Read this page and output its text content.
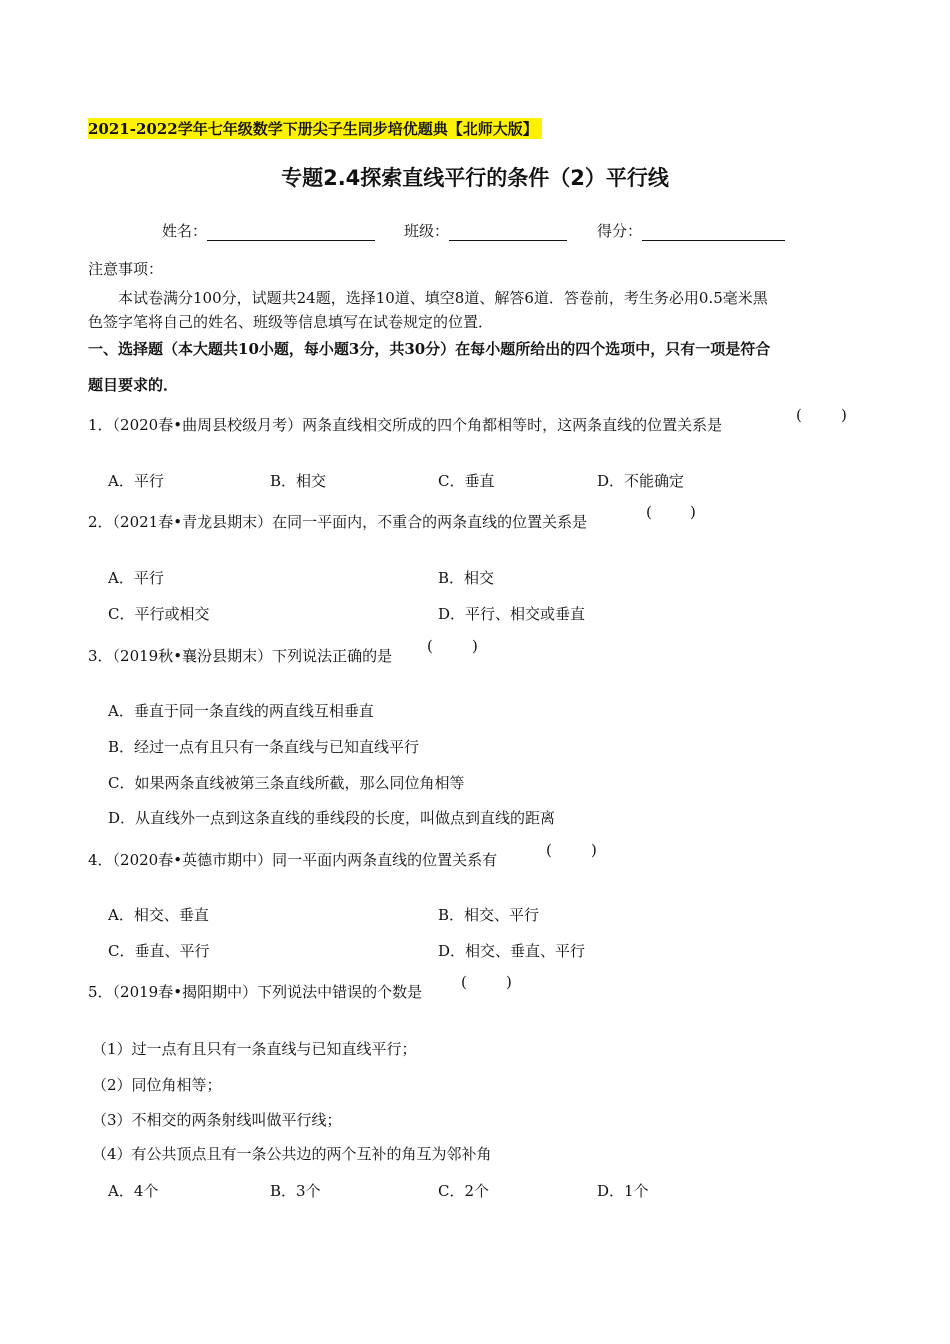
2021-2022学年七年级数学下册尖子生同步培优题典【北师大版】
专题2.4探索直线平行的条件（2）平行线
姓名：	班级：	得分：
注意事项：
本试卷满分100分，试题共24题，选择10道、填空8道、解答6道．答卷前，考生务必用0.5毫米黑
色签字笔将自己的姓名、班级等信息填写在试卷规定的位置．
一、选择题（本大题共10小题，每小题3分，共30分）在每小题所给出的四个选项中，只有一项是符合
题目要求的．
1．（2020春•曲周县校级月考）两条直线相交所成的四个角都相等时，这两条直线的位置关系是
(	)
A．平行	B．相交	C．垂直	D．不能确定
2．（2021春•青龙县期末）在同一平面内，不重合的两条直线的位置关系是
(	)
A．平行	B．相交
C．平行或相交	D．平行、相交或垂直
3．（2019秋•襄汾县期末）下列说法正确的是
(	)
A．垂直于同一条直线的两直线互相垂直
B．经过一点有且只有一条直线与已知直线平行
C．如果两条直线被第三条直线所截，那么同位角相等
D．从直线外一点到这条直线的垂线段的长度，叫做点到直线的距离
4．（2020春•英德市期中）同一平面内两条直线的位置关系有
(	)
A．相交、垂直	B．相交、平行
C．垂直、平行	D．相交、垂直、平行
5．（2019春•揭阳期中）下列说法中错误的个数是
(	)
（1）过一点有且只有一条直线与已知直线平行；
（2）同位角相等；
（3）不相交的两条射线叫做平行线；
（4）有公共顶点且有一条公共边的两个互补的角互为邻补角
A．4个	B．3个	C．2个	D．1个
